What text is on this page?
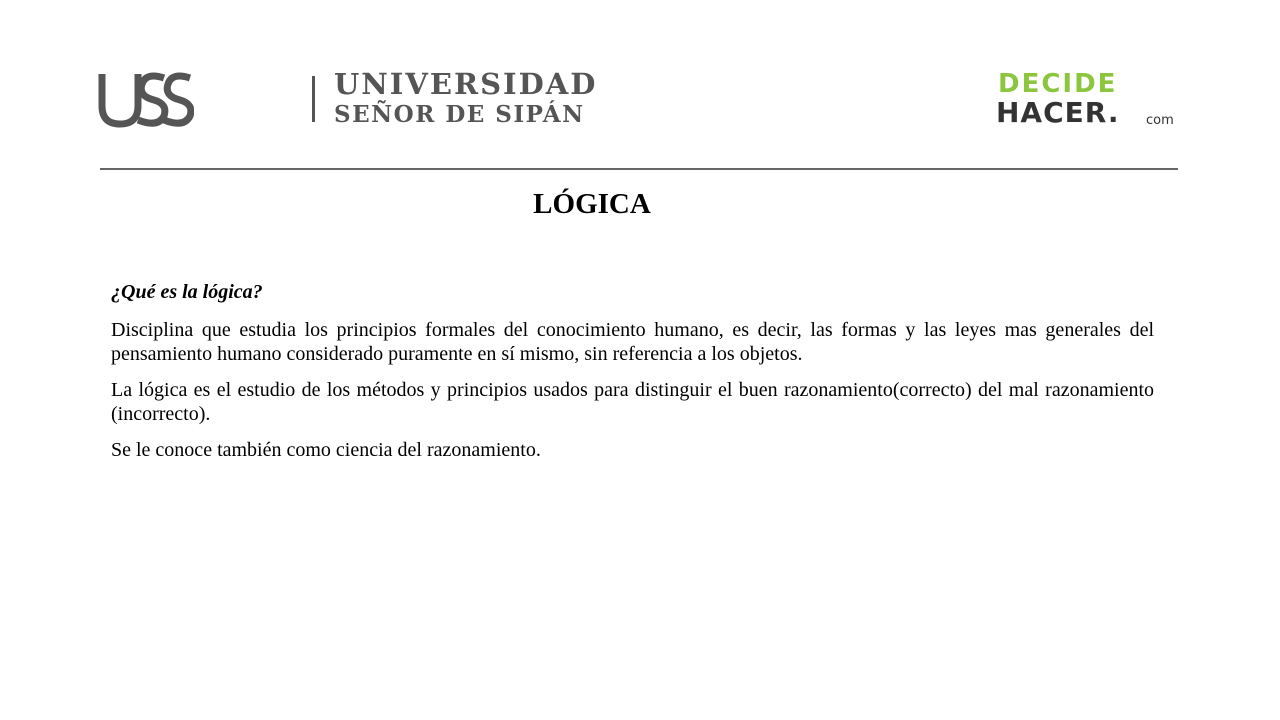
UNIVERSIDAD
SEÑOR DE SIPÁN
DECIDE
HACER. com
LÓGICA

¿Qué es la lógica?

Disciplina que estudia los principios formales del conocimiento humano, es decir, las formas y las leyes mas generales del pensamiento humano considerado puramente en sí mismo, sin referencia a los objetos.

La lógica es el estudio de los métodos y principios usados para distinguir el buen razonamiento(correcto) del mal razonamiento (incorrecto).

Se le conoce también como ciencia del razonamiento.
